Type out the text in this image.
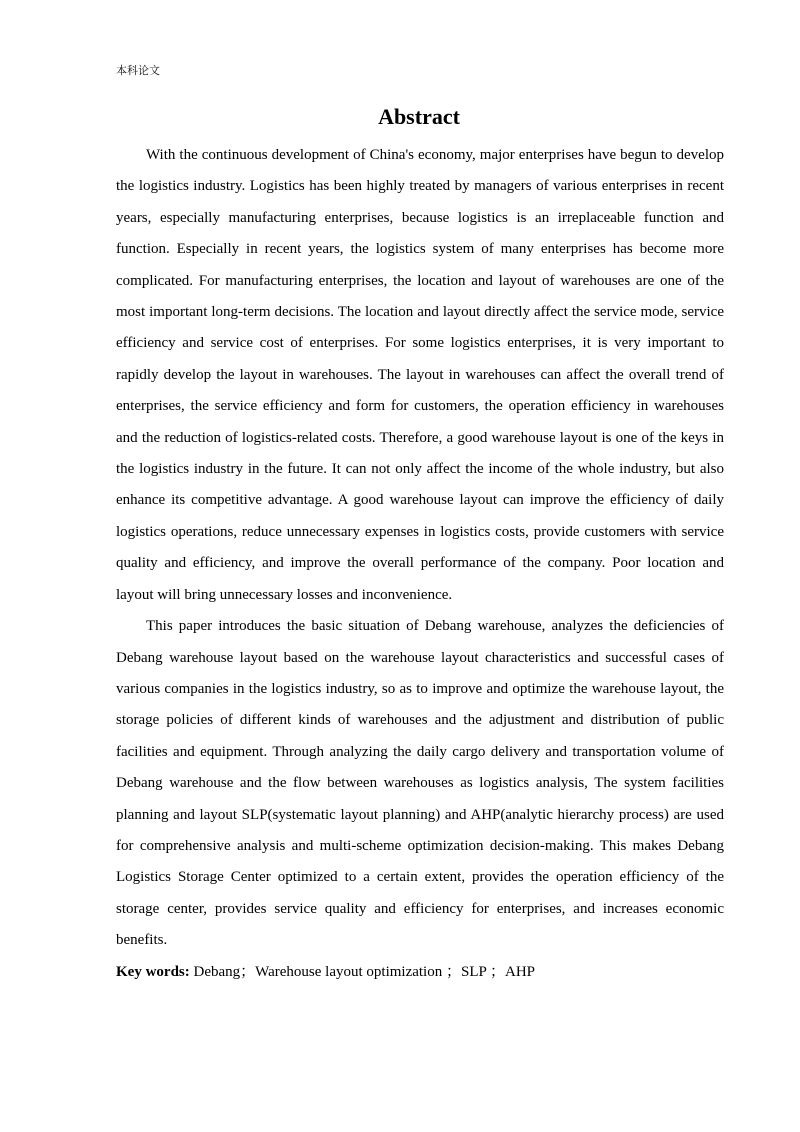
本科论文
Abstract

With the continuous development of China's economy, major enterprises have begun to develop the logistics industry. Logistics has been highly treated by managers of various enterprises in recent years, especially manufacturing enterprises, because logistics is an irreplaceable function and function. Especially in recent years, the logistics system of many enterprises has become more complicated. For manufacturing enterprises, the location and layout of warehouses are one of the most important long-term decisions. The location and layout directly affect the service mode, service efficiency and service cost of enterprises. For some logistics enterprises, it is very important to rapidly develop the layout in warehouses. The layout in warehouses can affect the overall trend of enterprises, the service efficiency and form for customers, the operation efficiency in warehouses and the reduction of logistics-related costs. Therefore, a good warehouse layout is one of the keys in the logistics industry in the future. It can not only affect the income of the whole industry, but also enhance its competitive advantage. A good warehouse layout can improve the efficiency of daily logistics operations, reduce unnecessary expenses in logistics costs, provide customers with service quality and efficiency, and improve the overall performance of the company. Poor location and layout will bring unnecessary losses and inconvenience.

This paper introduces the basic situation of Debang warehouse, analyzes the deficiencies of Debang warehouse layout based on the warehouse layout characteristics and successful cases of various companies in the logistics industry, so as to improve and optimize the warehouse layout, the storage policies of different kinds of warehouses and the adjustment and distribution of public facilities and equipment. Through analyzing the daily cargo delivery and transportation volume of Debang warehouse and the flow between warehouses as logistics analysis, The system facilities planning and layout SLP(systematic layout planning) and AHP(analytic hierarchy process) are used for comprehensive analysis and multi-scheme optimization decision-making. This makes Debang Logistics Storage Center optimized to a certain extent, provides the operation efficiency of the storage center, provides service quality and efficiency for enterprises, and increases economic benefits.

Key words: Debang；Warehouse layout optimization ；SLP ；AHP
